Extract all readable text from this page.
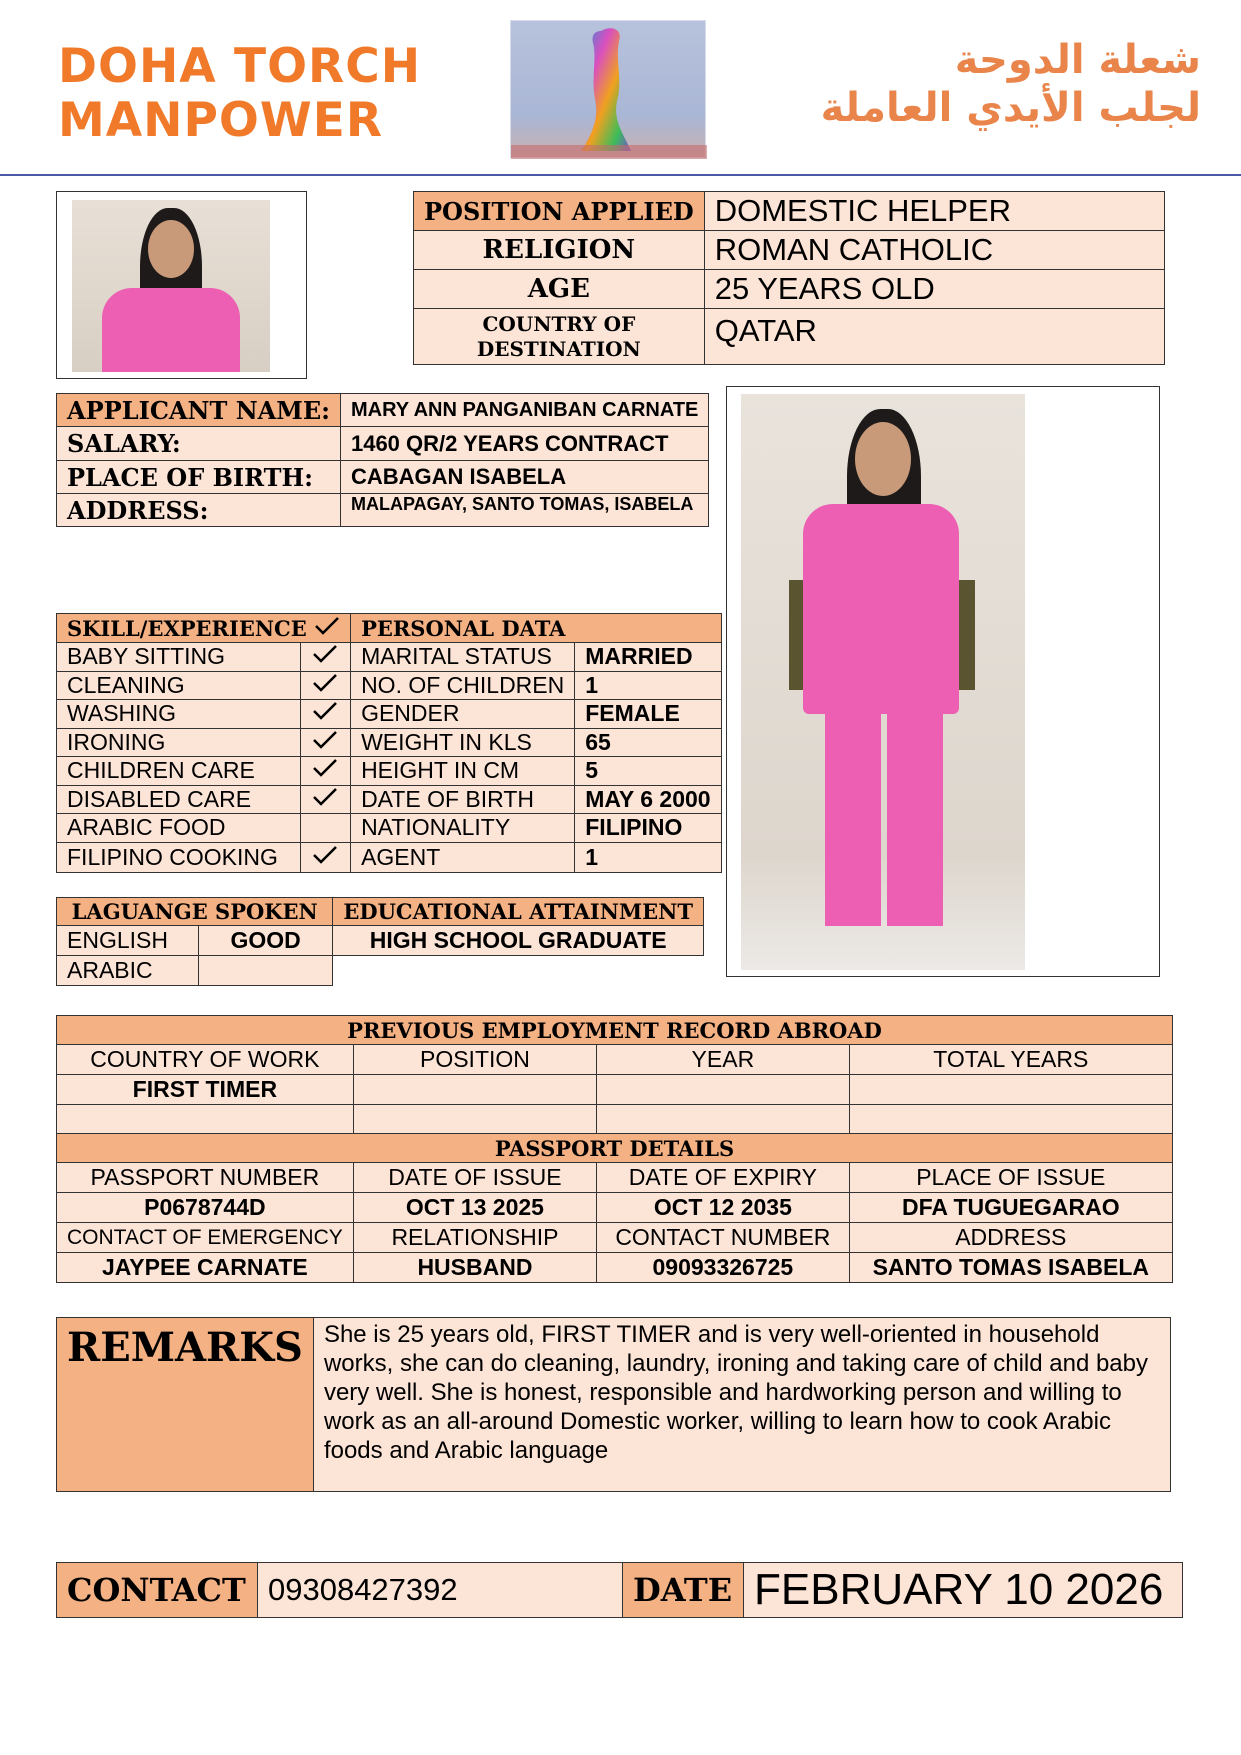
DOHA TORCH
MANPOWER
شعلة الدوحة
لجلب الأيدي العاملة
POSITION APPLIED	DOMESTIC HELPER
RELIGION	ROMAN CATHOLIC
AGE	25 YEARS OLD
COUNTRY OF DESTINATION	QATAR
APPLICANT NAME:	MARY ANN PANGANIBAN CARNATE
SALARY:	1460 QR/2 YEARS CONTRACT
PLACE OF BIRTH:	CABAGAN ISABELA
ADDRESS:	MALAPAGAY, SANTO TOMAS, ISABELA
SKILL/EXPERIENCE		PERSONAL DATA	
BABY SITTING		MARITAL STATUS	MARRIED
CLEANING		NO. OF CHILDREN	1
WASHING		GENDER	FEMALE
IRONING		WEIGHT IN KLS	65
CHILDREN CARE		HEIGHT IN CM	5
DISABLED CARE		DATE OF BIRTH	MAY 6 2000
ARABIC FOOD		NATIONALITY	FILIPINO
FILIPINO COOKING		AGENT	1
LAGUANGE SPOKEN		EDUCATIONAL ATTAINMENT
ENGLISH	GOOD	HIGH SCHOOL GRADUATE
ARABIC		
PREVIOUS EMPLOYMENT RECORD ABROAD			
COUNTRY OF WORK	POSITION	YEAR	TOTAL YEARS
FIRST TIMER			

PASSPORT DETAILS			
PASSPORT NUMBER	DATE OF ISSUE	DATE OF EXPIRY	PLACE OF ISSUE
P0678744D	OCT 13 2025	OCT 12 2035	DFA TUGUEGARAO
CONTACT OF EMERGENCY	RELATIONSHIP	CONTACT NUMBER	ADDRESS
JAYPEE CARNATE	HUSBAND	09093326725	SANTO TOMAS ISABELA
REMARKS	She is 25 years old, FIRST TIMER and is very well-oriented in household works, she can do cleaning, laundry, ironing and taking care of child and baby very well. She is honest, responsible and hardworking person and willing to work as an all-around Domestic worker, willing to learn how to cook Arabic foods and Arabic language
CONTACT	09308427392	DATE	FEBRUARY 10 2026
